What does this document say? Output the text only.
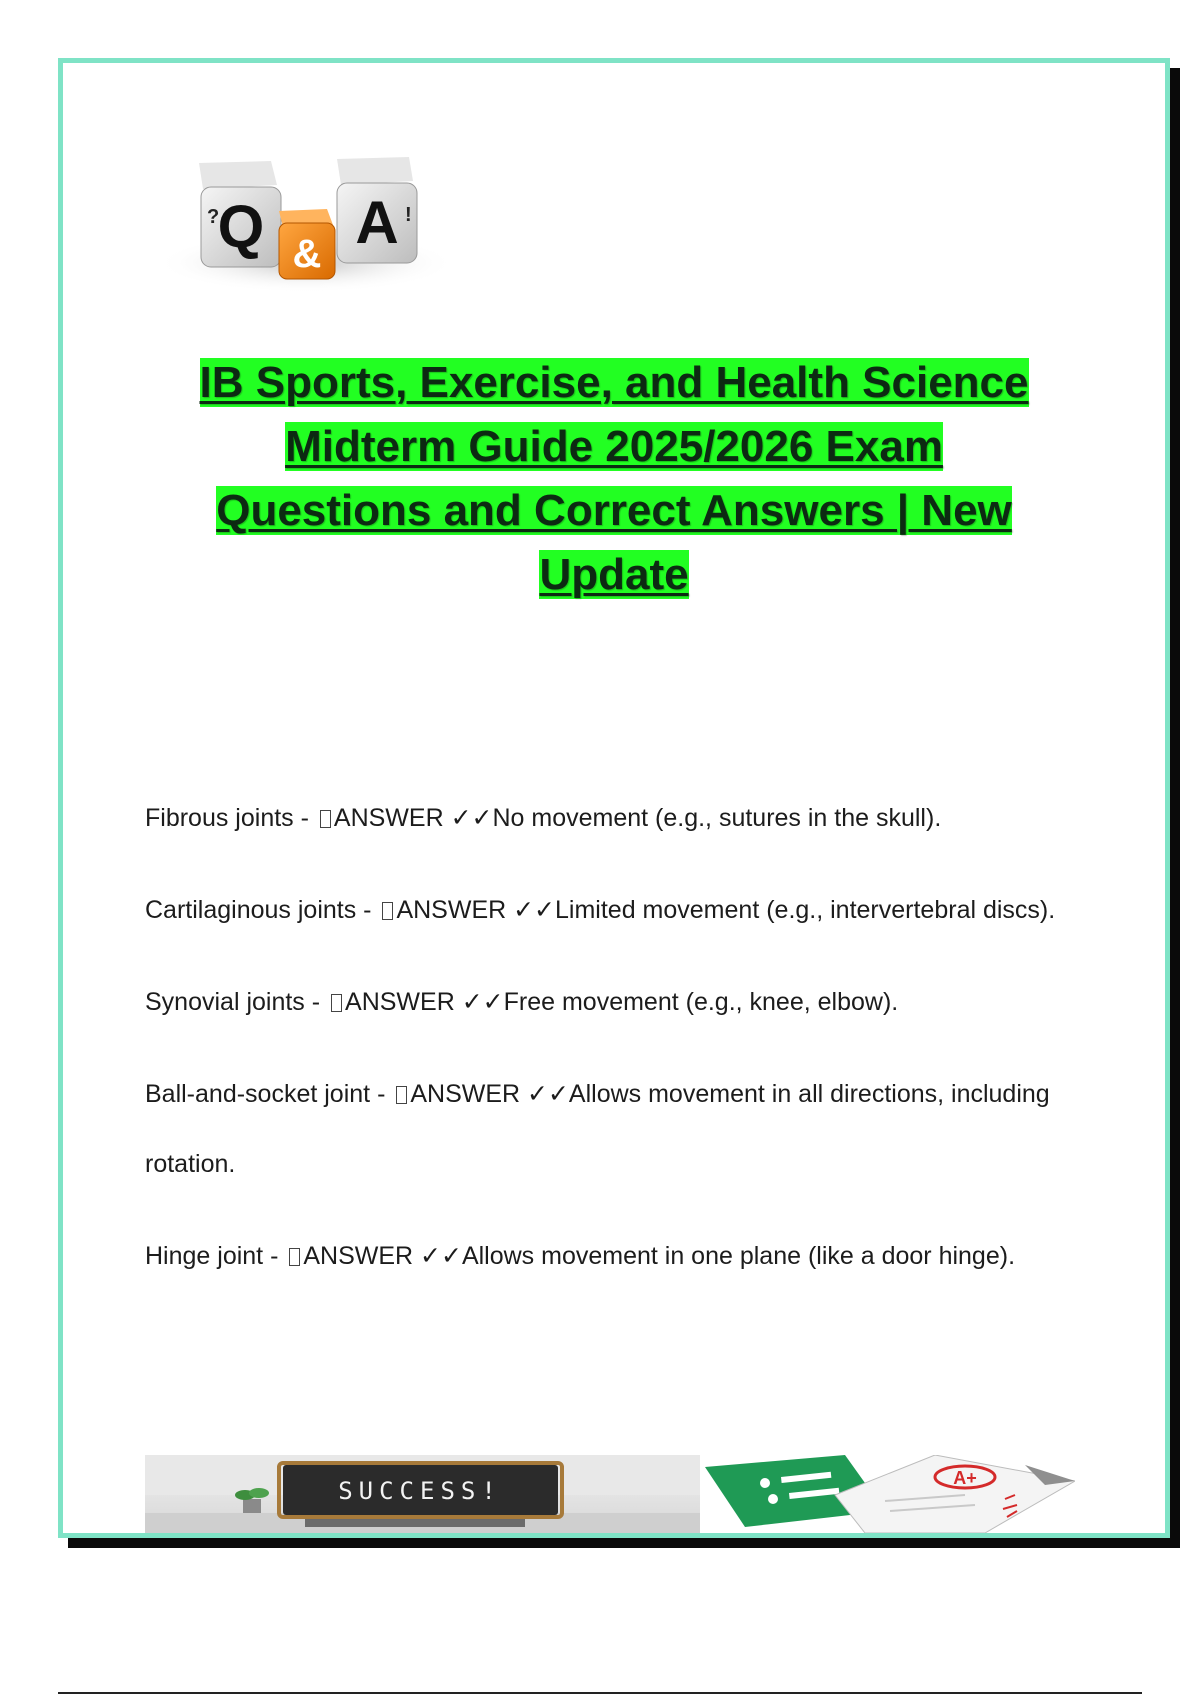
Q
?
& A !
IB Sports, Exercise, and Health Science
Midterm Guide 2025/2026 Exam
Questions and Correct Answers | New
Update

Fibrous joints - ANSWER ✓✓No movement (e.g., sutures in the skull).

Cartilaginous joints - ANSWER ✓✓Limited movement (e.g., intervertebral discs).

Synovial joints - ANSWER ✓✓Free movement (e.g., knee, elbow).

Ball-and-socket joint - ANSWER ✓✓Allows movement in all directions, including rotation.

Hinge joint - ANSWER ✓✓Allows movement in one plane (like a door hinge).

SUCCESS!	A+
